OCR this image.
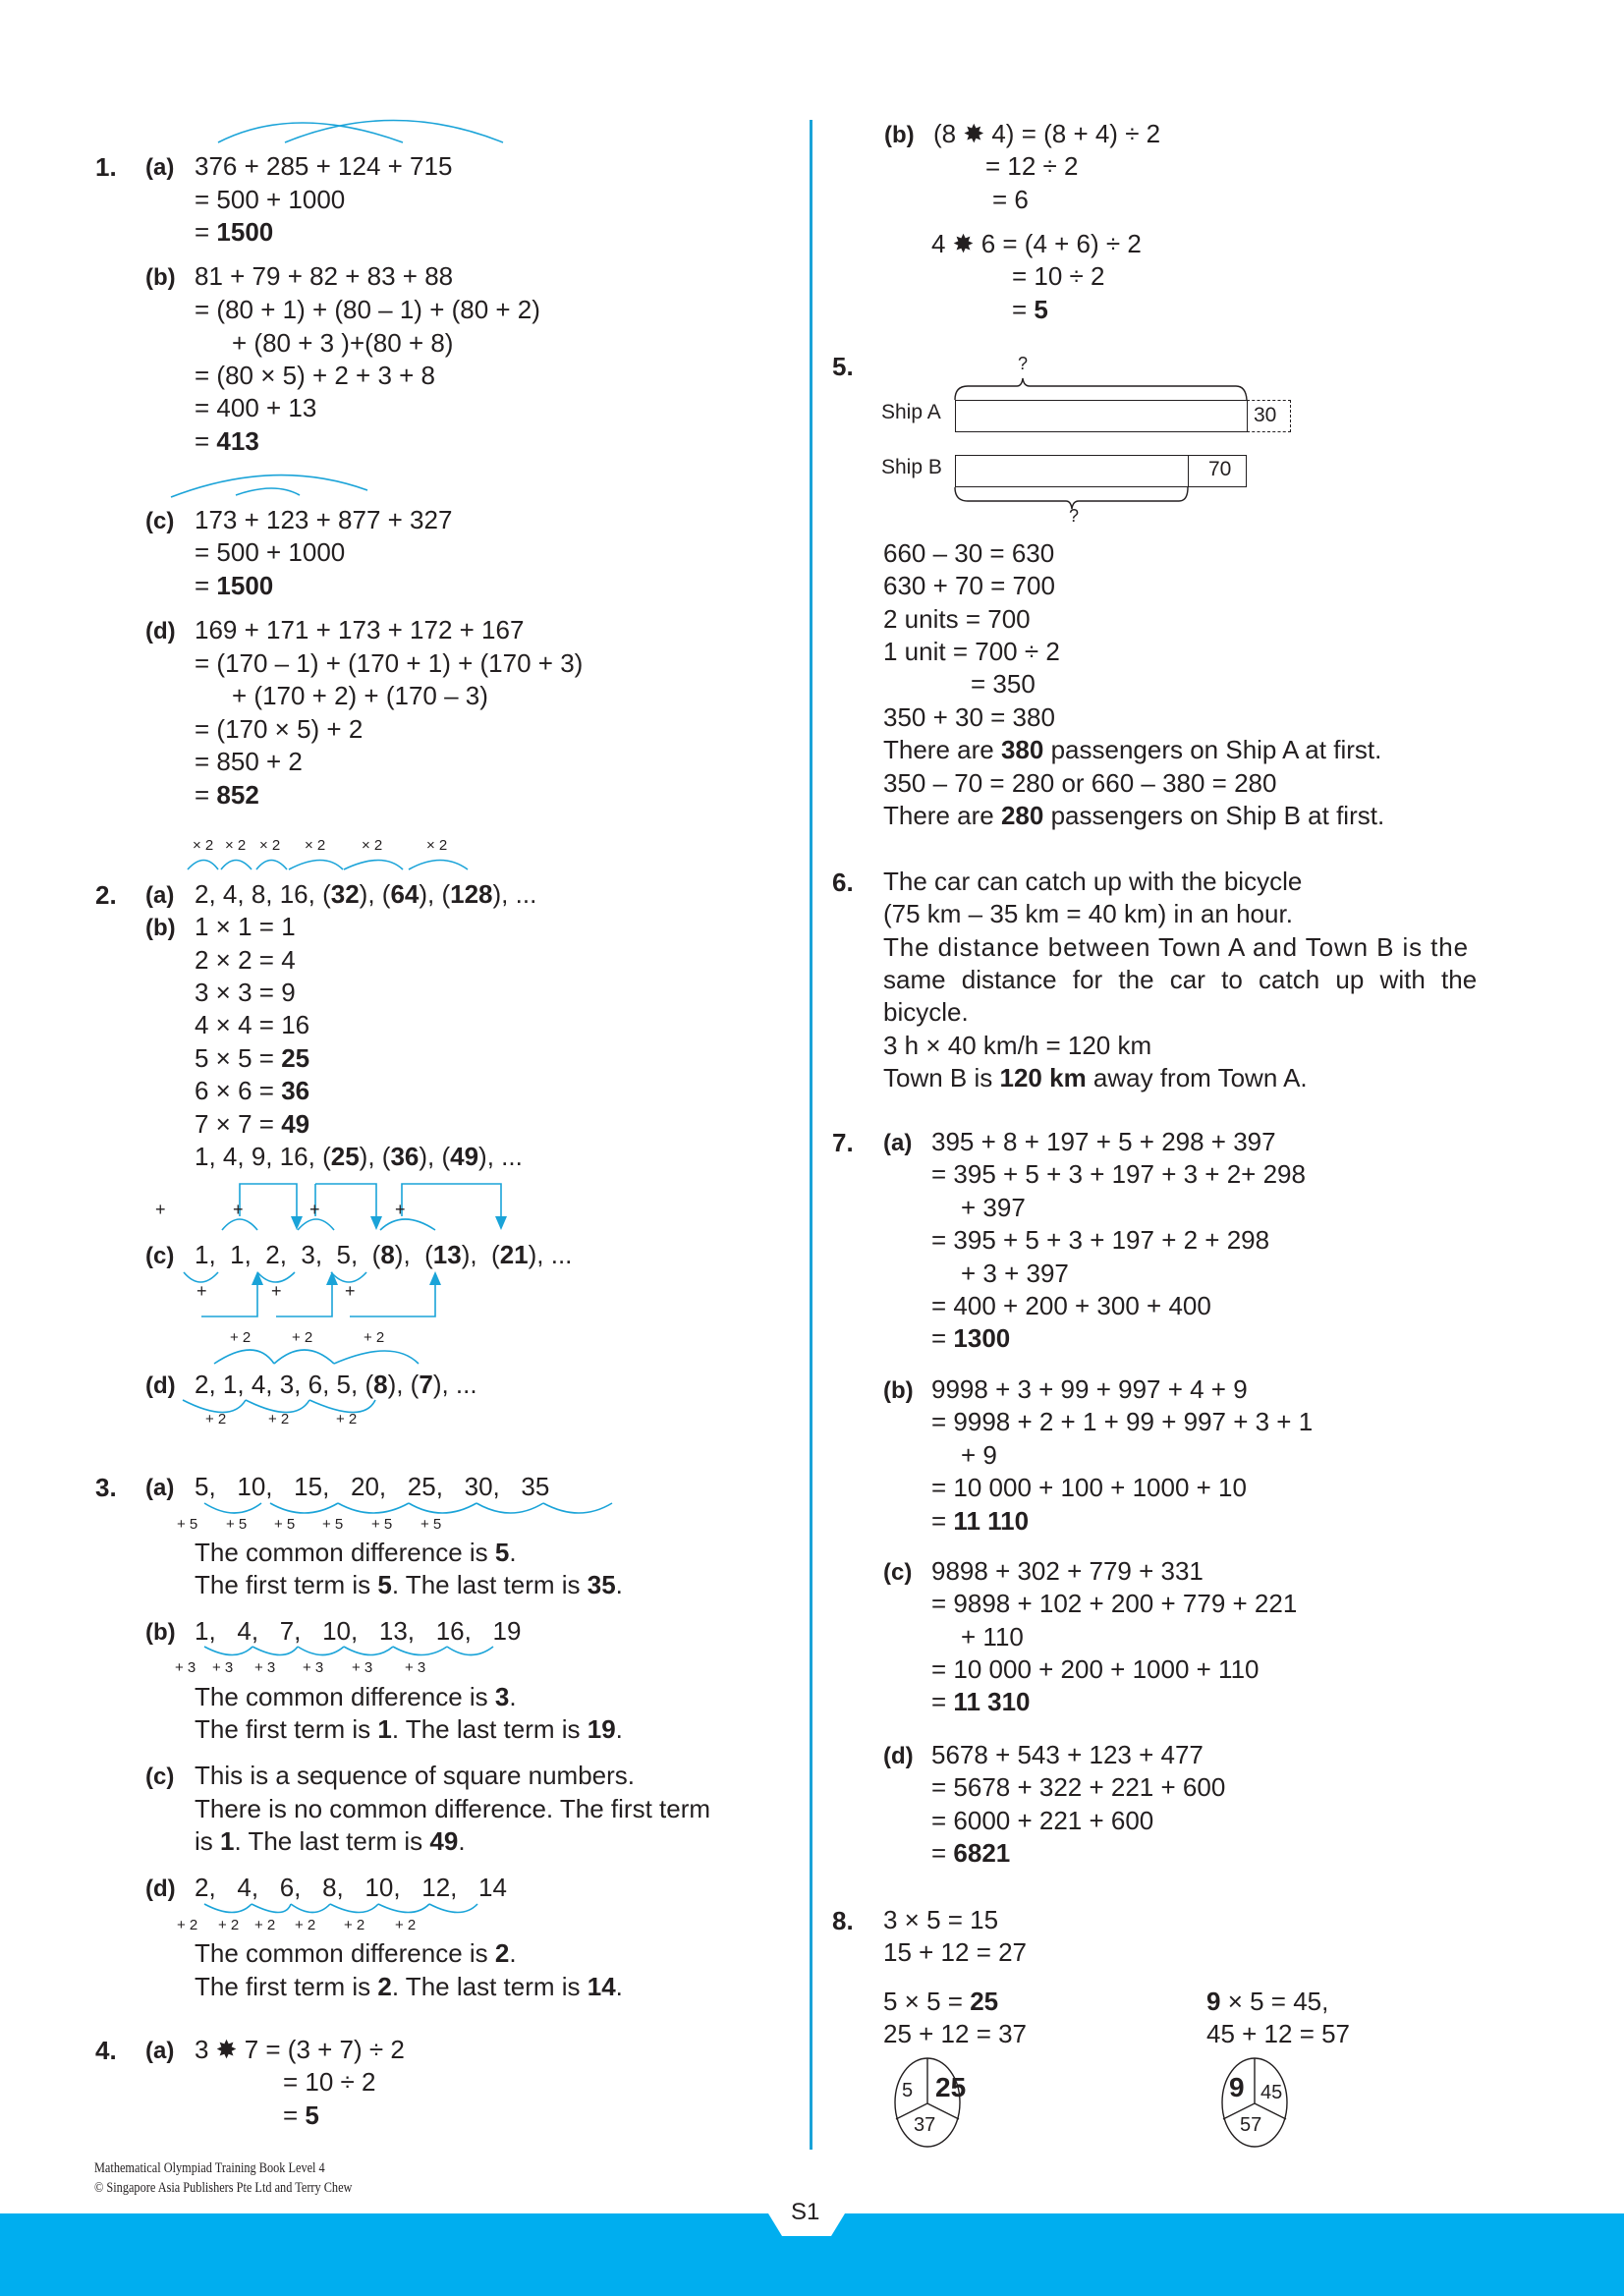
1. (a) 376 + 285 + 124 + 715
= 500 + 1000
= 1500
(b) 81 + 79 + 82 + 83 + 88
= (80 + 1) + (80 – 1) + (80 + 2)
+ (80 + 3 )+(80 + 8)
= (80 × 5) + 2 + 3 + 8
= 400 + 13
= 413
(c) 173 + 123 + 877 + 327
= 500 + 1000
= 1500
(d) 169 + 171 + 173 + 172 + 167
= (170 – 1) + (170 + 1) + (170 + 3)
+ (170 + 2) + (170 – 3)
= (170 × 5) + 2
= 850 + 2
= 852
2.
× 2 × 2 × 2 × 2 × 2	× 2
(a) 2, 4, 8, 16, (32), (64), (128), ...
(b) 1 × 1 = 1
2 × 2 = 4
3 × 3 = 9
4 × 4 = 16
5 × 5 = 25
6 × 6 = 36
7 × 7 = 49
1, 4, 9, 16, (25), (36), (49), ...
+	+	+	+
+	+	+
(c) 1,  1,  2,  3,  5,  (8),  (13),  (21), ...
+ 2	+ 2	+ 2
(d) 2, 1, 4, 3, 6, 5, (8), (7), ...
+ 2	+ 2	+ 2
3. (a) 5,   10,   15,   20,   25,   30,   35
+ 5 + 5 + 5 + 5 + 5 + 5
The common difference is 5.
The first term is 5. The last term is 35.
(b) 1,   4,   7,   10,   13,   16,   19
+ 3 + 3 + 3 + 3 + 3 + 3
The common difference is 3.
The first term is 1. The last term is 19.
(c) This is a sequence of square numbers.
There is no common difference. The first term
is 1. The last term is 49.
(d) 2,   4,   6,   8,   10,   12,   14
+ 2 + 2 + 2 + 2 + 2 + 2
The common difference is 2.
The first term is 2. The last term is 14.
4. (a) 3 ✸ 7 = (3 + 7) ÷ 2
= 10 ÷ 2
= 5
(b) (8 ✸ 4) = (8 + 4) ÷ 2
= 12 ÷ 2
= 6
4 ✸ 6 = (4 + 6) ÷ 2
= 10 ÷ 2
= 5
5.	?
Ship A	30
Ship B	70
?
660 – 30 = 630
630 + 70 = 700
2 units = 700
1 unit = 700 ÷ 2
= 350
350 + 30 = 380
There are 380 passengers on Ship A at first.
350 – 70 = 280 or 660 – 380 = 280
There are 280 passengers on Ship B at first.
6. The car can catch up with the bicycle
(75 km – 35 km = 40 km) in an hour.
The distance between Town A and Town B is the
same distance for the car to catch up with the
bicycle.
3 h × 40 km/h = 120 km
Town B is 120 km away from Town A.
7. (a) 395 + 8 + 197 + 5 + 298 + 397
= 395 + 5 + 3 + 197 + 3 + 2+ 298
+ 397
= 395 + 5 + 3 + 197 + 2 + 298
+ 3 + 397
= 400 + 200 + 300 + 400
= 1300
(b) 9998 + 3 + 99 + 997 + 4 + 9
= 9998 + 2 + 1 + 99 + 997 + 3 + 1
+ 9
= 10 000 + 100 + 1000 + 10
= 11 110
(c) 9898 + 302 + 779 + 331
= 9898 + 102 + 200 + 779 + 221
+ 110
= 10 000 + 200 + 1000 + 110
= 11 310
(d) 5678 + 543 + 123 + 477
= 5678 + 322 + 221 + 600
= 6000 + 221 + 600
= 6821
8. 3 × 5 = 15
15 + 12 = 27
5 × 5 = 25
25 + 12 = 37
9 × 5 = 45,
45 + 12 = 57
5 25
37
9 45
57
Mathematical Olympiad Training Book Level 4
© Singapore Asia Publishers Pte Ltd and Terry Chew
S1
